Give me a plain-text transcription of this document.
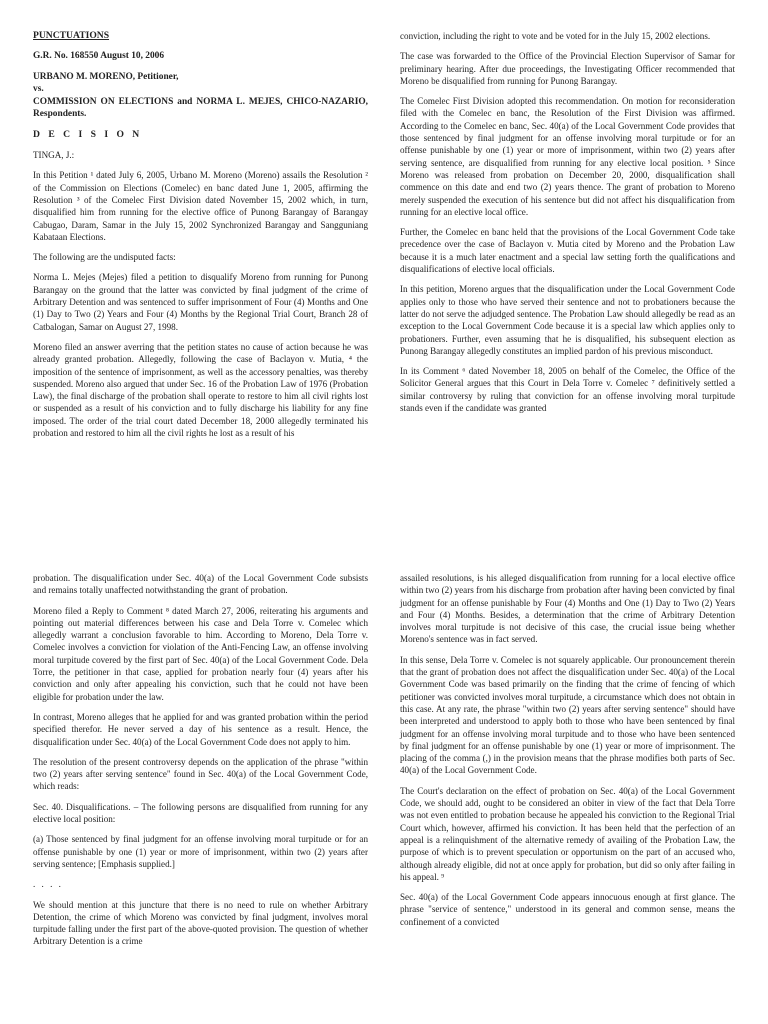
PUNCTUATIONS

G.R. No. 168550 August 10, 2006

URBANO M. MORENO, Petitioner,
vs.
COMMISSION ON ELECTIONS and NORMA L. MEJES, CHICO-NAZARIO, Respondents.

D E C I S I O N

TINGA, J.:

In this Petition ¹ dated July 6, 2005, Urbano M. Moreno (Moreno) assails the Resolution ² of the Commission on Elections (Comelec) en banc dated June 1, 2005, affirming the Resolution ³ of the Comelec First Division dated November 15, 2002 which, in turn, disqualified him from running for the elective office of Punong Barangay of Barangay Cabugao, Daram, Samar in the July 15, 2002 Synchronized Barangay and Sangguniang Kabataan Elections.

The following are the undisputed facts:

Norma L. Mejes (Mejes) filed a petition to disqualify Moreno from running for Punong Barangay on the ground that the latter was convicted by final judgment of the crime of Arbitrary Detention and was sentenced to suffer imprisonment of Four (4) Months and One (1) Day to Two (2) Years and Four (4) Months by the Regional Trial Court, Branch 28 of Catbalogan, Samar on August 27, 1998.

Moreno filed an answer averring that the petition states no cause of action because he was already granted probation. Allegedly, following the case of Baclayon v. Mutia, ⁴ the imposition of the sentence of imprisonment, as well as the accessory penalties, was thereby suspended. Moreno also argued that under Sec. 16 of the Probation Law of 1976 (Probation Law), the final discharge of the probation shall operate to restore to him all civil rights lost or suspended as a result of his conviction and to fully discharge his liability for any fine imposed. The order of the trial court dated December 18, 2000 allegedly terminated his probation and restored to him all the civil rights he lost as a result of his

conviction, including the right to vote and be voted for in the July 15, 2002 elections.

The case was forwarded to the Office of the Provincial Election Supervisor of Samar for preliminary hearing. After due proceedings, the Investigating Officer recommended that Moreno be disqualified from running for Punong Barangay.

The Comelec First Division adopted this recommendation. On motion for reconsideration filed with the Comelec en banc, the Resolution of the First Division was affirmed. According to the Comelec en banc, Sec. 40(a) of the Local Government Code provides that those sentenced by final judgment for an offense involving moral turpitude or for an offense punishable by one (1) year or more of imprisonment, within two (2) years after serving sentence, are disqualified from running for any elective local position. ⁵ Since Moreno was released from probation on December 20, 2000, disqualification shall commence on this date and end two (2) years thence. The grant of probation to Moreno merely suspended the execution of his sentence but did not affect his disqualification from running for an elective local office.

Further, the Comelec en banc held that the provisions of the Local Government Code take precedence over the case of Baclayon v. Mutia cited by Moreno and the Probation Law because it is a much later enactment and a special law setting forth the qualifications and disqualifications of elective local officials.

In this petition, Moreno argues that the disqualification under the Local Government Code applies only to those who have served their sentence and not to probationers because the latter do not serve the adjudged sentence. The Probation Law should allegedly be read as an exception to the Local Government Code because it is a special law which applies only to probationers. Further, even assuming that he is disqualified, his subsequent election as Punong Barangay allegedly constitutes an implied pardon of his previous misconduct.

In its Comment ⁶ dated November 18, 2005 on behalf of the Comelec, the Office of the Solicitor General argues that this Court in Dela Torre v. Comelec ⁷ definitively settled a similar controversy by ruling that conviction for an offense involving moral turpitude stands even if the candidate was granted

probation. The disqualification under Sec. 40(a) of the Local Government Code subsists and remains totally unaffected notwithstanding the grant of probation.

Moreno filed a Reply to Comment ⁸ dated March 27, 2006, reiterating his arguments and pointing out material differences between his case and Dela Torre v. Comelec which allegedly warrant a conclusion favorable to him. According to Moreno, Dela Torre v. Comelec involves a conviction for violation of the Anti-Fencing Law, an offense involving moral turpitude covered by the first part of Sec. 40(a) of the Local Government Code. Dela Torre, the petitioner in that case, applied for probation nearly four (4) years after his conviction and only after appealing his conviction, such that he could not have been eligible for probation under the law.

In contrast, Moreno alleges that he applied for and was granted probation within the period specified therefor. He never served a day of his sentence as a result. Hence, the disqualification under Sec. 40(a) of the Local Government Code does not apply to him.

The resolution of the present controversy depends on the application of the phrase "within two (2) years after serving sentence" found in Sec. 40(a) of the Local Government Code, which reads:

Sec. 40. Disqualifications. – The following persons are disqualified from running for any elective local position:

(a) Those sentenced by final judgment for an offense involving moral turpitude or for an offense punishable by one (1) year or more of imprisonment, within two (2) years after serving sentence; [Emphasis supplied.]

. . . .

We should mention at this juncture that there is no need to rule on whether Arbitrary Detention, the crime of which Moreno was convicted by final judgment, involves moral turpitude falling under the first part of the above-quoted provision. The question of whether Arbitrary Detention is a crime

assailed resolutions, is his alleged disqualification from running for a local elective office within two (2) years from his discharge from probation after having been convicted by final judgment for an offense punishable by Four (4) Months and One (1) Day to Two (2) Years and Four (4) Months. Besides, a determination that the crime of Arbitrary Detention involves moral turpitude is not decisive of this case, the crucial issue being whether Moreno's sentence was in fact served.

In this sense, Dela Torre v. Comelec is not squarely applicable. Our pronouncement therein that the grant of probation does not affect the disqualification under Sec. 40(a) of the Local Government Code was based primarily on the finding that the crime of fencing of which petitioner was convicted involves moral turpitude, a circumstance which does not obtain in this case. At any rate, the phrase "within two (2) years after serving sentence" should have been interpreted and understood to apply both to those who have been sentenced by final judgment for an offense involving moral turpitude and to those who have been sentenced by final judgment for an offense punishable by one (1) year or more of imprisonment. The placing of the comma (,) in the provision means that the phrase modifies both parts of Sec. 40(a) of the Local Government Code.

The Court's declaration on the effect of probation on Sec. 40(a) of the Local Government Code, we should add, ought to be considered an obiter in view of the fact that Dela Torre was not even entitled to probation because he appealed his conviction to the Regional Trial Court which, however, affirmed his conviction. It has been held that the perfection of an appeal is a relinquishment of the alternative remedy of availing of the Probation Law, the purpose of which is to prevent speculation or opportunism on the part of an accused who, although already eligible, did not at once apply for probation, but did so only after failing in his appeal. ⁹

Sec. 40(a) of the Local Government Code appears innocuous enough at first glance. The phrase "service of sentence," understood in its general and common sense, means the confinement of a convicted
